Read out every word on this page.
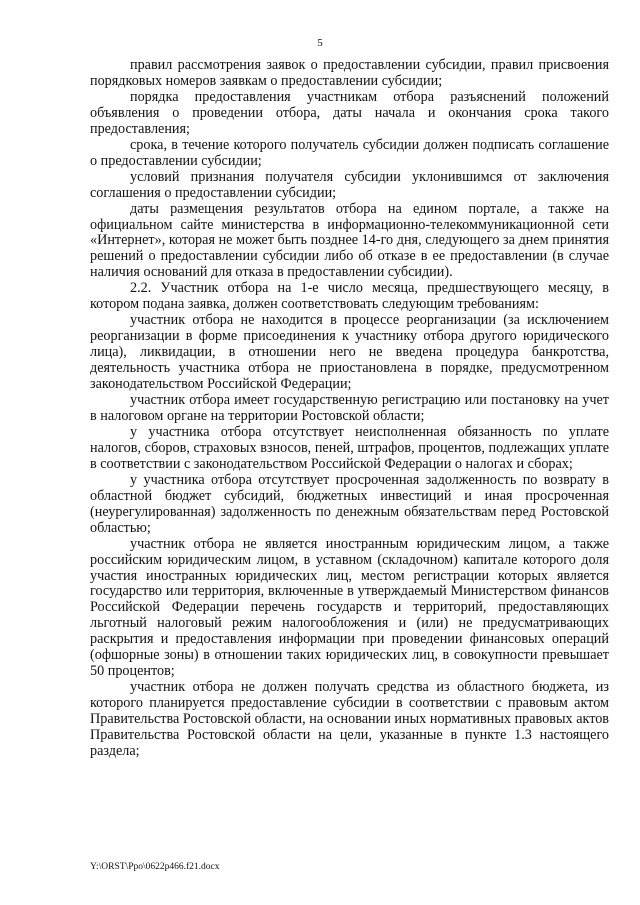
5

правил рассмотрения заявок о предоставлении субсидии, правил присвоения порядковых номеров заявкам о предоставлении субсидии;

порядка предоставления участникам отбора разъяснений положений объявления о проведении отбора, даты начала и окончания срока такого предоставления;

срока, в течение которого получатель субсидии должен подписать соглашение о предоставлении субсидии;

условий признания получателя субсидии уклонившимся от заключения соглашения о предоставлении субсидии;

даты размещения результатов отбора на едином портале, а также на официальном сайте министерства в информационно-телекоммуникационной сети «Интернет», которая не может быть позднее 14-го дня, следующего за днем принятия решений о предоставлении субсидии либо об отказе в ее предоставлении (в случае наличия оснований для отказа в предоставлении субсидии).

2.2. Участник отбора на 1-е число месяца, предшествующего месяцу, в котором подана заявка, должен соответствовать следующим требованиям:

участник отбора не находится в процессе реорганизации (за исключением реорганизации в форме присоединения к участнику отбора другого юридического лица), ликвидации, в отношении него не введена процедура банкротства, деятельность участника отбора не приостановлена в порядке, предусмотренном законодательством Российской Федерации;

участник отбора имеет государственную регистрацию или постановку на учет в налоговом органе на территории Ростовской области;

у участника отбора отсутствует неисполненная обязанность по уплате налогов, сборов, страховых взносов, пеней, штрафов, процентов, подлежащих уплате в соответствии с законодательством Российской Федерации о налогах и сборах;

у участника отбора отсутствует просроченная задолженность по возврату в областной бюджет субсидий, бюджетных инвестиций и иная просроченная (неурегулированная) задолженность по денежным обязательствам перед Ростовской областью;

участник отбора не является иностранным юридическим лицом, а также российским юридическим лицом, в уставном (складочном) капитале которого доля участия иностранных юридических лиц, местом регистрации которых является государство или территория, включенные в утверждаемый Министерством финансов Российской Федерации перечень государств и территорий, предоставляющих льготный налоговый режим налогообложения и (или) не предусматривающих раскрытия и предоставления информации при проведении финансовых операций (офшорные зоны) в отношении таких юридических лиц, в совокупности превышает 50 процентов;

участник отбора не должен получать средства из областного бюджета, из которого планируется предоставление субсидии в соответствии с правовым актом Правительства Ростовской области, на основании иных нормативных правовых актов Правительства Ростовской области на цели, указанные в пункте 1.3 настоящего раздела;

Y:\ORST\Ppo\0622p466.f21.docx
